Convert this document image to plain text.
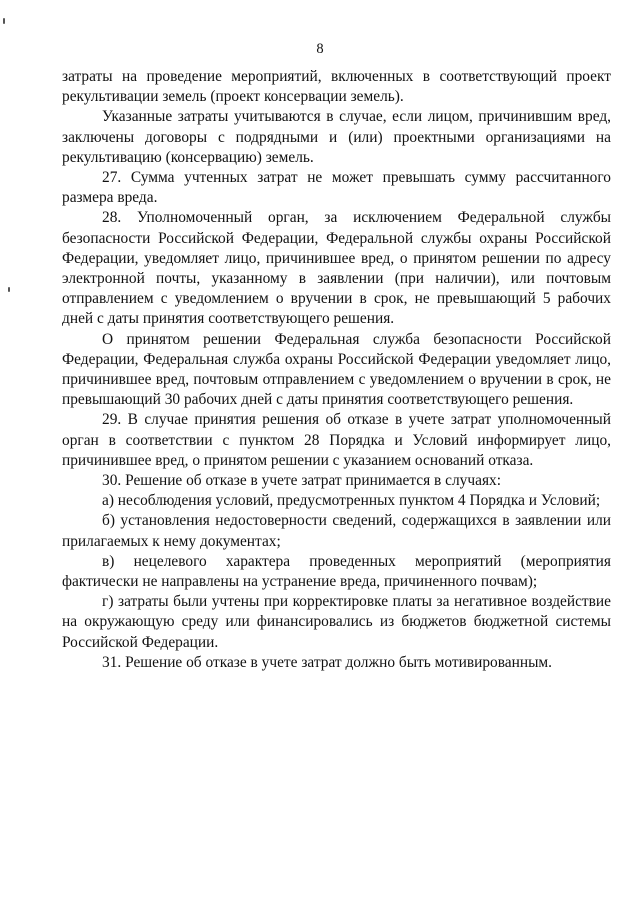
8

затраты на проведение мероприятий, включенных в соответствующий проект рекультивации земель (проект консервации земель).

Указанные затраты учитываются в случае, если лицом, причинившим вред, заключены договоры с подрядными и (или) проектными организациями на рекультивацию (консервацию) земель.

27. Сумма учтенных затрат не может превышать сумму рассчитанного размера вреда.

28. Уполномоченный орган, за исключением Федеральной службы безопасности Российской Федерации, Федеральной службы охраны Российской Федерации, уведомляет лицо, причинившее вред, о принятом решении по адресу электронной почты, указанному в заявлении (при наличии), или почтовым отправлением с уведомлением о вручении в срок, не превышающий 5 рабочих дней с даты принятия соответствующего решения.

О принятом решении Федеральная служба безопасности Российской Федерации, Федеральная служба охраны Российской Федерации уведомляет лицо, причинившее вред, почтовым отправлением с уведомлением о вручении в срок, не превышающий 30 рабочих дней с даты принятия соответствующего решения.

29. В случае принятия решения об отказе в учете затрат уполномоченный орган в соответствии с пунктом 28 Порядка и Условий информирует лицо, причинившее вред, о принятом решении с указанием оснований отказа.

30. Решение об отказе в учете затрат принимается в случаях:

а) несоблюдения условий, предусмотренных пунктом 4 Порядка и Условий;

б) установления недостоверности сведений, содержащихся в заявлении или прилагаемых к нему документах;

в) нецелевого характера проведенных мероприятий (мероприятия фактически не направлены на устранение вреда, причиненного почвам);

г) затраты были учтены при корректировке платы за негативное воздействие на окружающую среду или финансировались из бюджетов бюджетной системы Российской Федерации.

31. Решение об отказе в учете затрат должно быть мотивированным.
